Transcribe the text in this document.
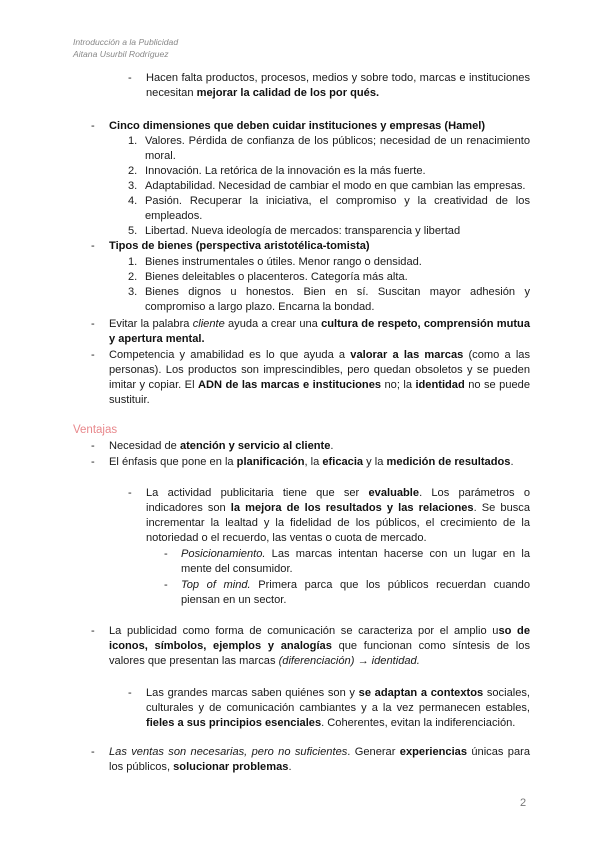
Introducción a la Publicidad
Aitana Usurbil Rodríguez
- Hacen falta productos, procesos, medios y sobre todo, marcas e instituciones necesitan mejorar la calidad de los por qués.

- Cinco dimensiones que deben cuidar instituciones y empresas (Hamel)
1. Valores. Pérdida de confianza de los públicos; necesidad de un renacimiento moral.
2. Innovación. La retórica de la innovación es la más fuerte.
3. Adaptabilidad. Necesidad de cambiar el modo en que cambian las empresas.
4. Pasión. Recuperar la iniciativa, el compromiso y la creatividad de los empleados.
5. Libertad. Nueva ideología de mercados: transparencia y libertad
- Tipos de bienes (perspectiva aristotélica-tomista)
1. Bienes instrumentales o útiles. Menor rango o densidad.
2. Bienes deleitables o placenteros. Categoría más alta.
3. Bienes dignos u honestos. Bien en sí. Suscitan mayor adhesión y compromiso a largo plazo. Encarna la bondad.
- Evitar la palabra cliente ayuda a crear una cultura de respeto, comprensión mutua y apertura mental.

- Competencia y amabilidad es lo que ayuda a valorar a las marcas (como a las personas). Los productos son imprescindibles, pero quedan obsoletos y se pueden imitar y copiar. El ADN de las marcas e instituciones no; la identidad no se puede sustituir.

Ventajas
- Necesidad de atención y servicio al cliente.

- El énfasis que pone en la planificación, la eficacia y la medición de resultados.

- La actividad publicitaria tiene que ser evaluable. Los parámetros o indicadores son la mejora de los resultados y las relaciones. Se busca incrementar la lealtad y la fidelidad de los públicos, el crecimiento de la notoriedad o el recuerdo, las ventas o cuota de mercado.

- Posicionamiento. Las marcas intentan hacerse con un lugar en la mente del consumidor.

- Top of mind. Primera parca que los públicos recuerdan cuando piensan en un sector.

- La publicidad como forma de comunicación se caracteriza por el amplio uso de iconos, símbolos, ejemplos y analogías que funcionan como síntesis de los valores que presentan las marcas (diferenciación) → identidad.

- Las grandes marcas saben quiénes son y se adaptan a contextos sociales, culturales y de comunicación cambiantes y a la vez permanecen estables, fieles a sus principios esenciales. Coherentes, evitan la indiferenciación.

- Las ventas son necesarias, pero no suficientes. Generar experiencias únicas para los públicos, solucionar problemas.

2
